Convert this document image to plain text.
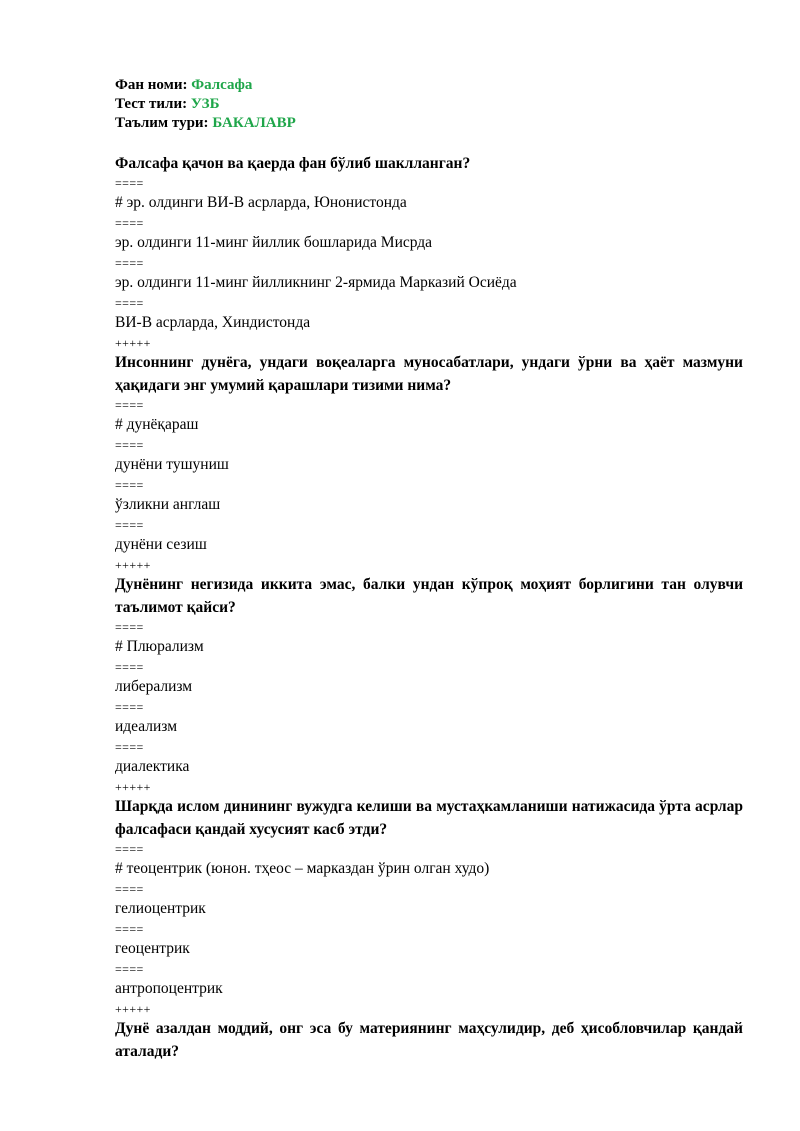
Фан номи: Фалсафа
Тест тили: УЗБ
Таълим тури: БАКАЛАВР
Фалсафа қачон ва қаерда фан бўлиб шаклланган?
====
# эр. олдинги ВИ-В асрларда, Юнонистонда
====
эр. олдинги 11-минг йиллик бошларида Мисрда
====
эр. олдинги 11-минг йилликнинг 2-ярмида Марказий Осиёда
====
ВИ-В асрларда, Хиндистонда
+++++
Инсоннинг дунёга, ундаги воқеаларга муносабатлари, ундаги ўрни ва ҳаёт мазмуни ҳақидаги энг умумий қарашлари тизими нима?
====
# дунёқараш
====
дунёни тушуниш
====
ўзликни англаш
====
дунёни сезиш
+++++
Дунёнинг негизида иккита эмас, балки ундан кўпроқ моҳият борлигини тан олувчи таълимот қайси?
====
# Плюрализм
====
либерализм
====
идеализм
====
диалектика
+++++
Шарқда ислом динининг вужудга келиши ва мустаҳкамланиши натижасида ўрта асрлар фалсафаси қандай хусусият касб этди?
====
# теоцентрик (юнон. тҳеос – марказдан ўрин олган худо)
====
гелиоцентрик
====
геоцентрик
====
антропоцентрик
+++++
Дунё азалдан моддий, онг эса бу материянинг маҳсулидир, деб ҳисобловчилар қандай аталади?
